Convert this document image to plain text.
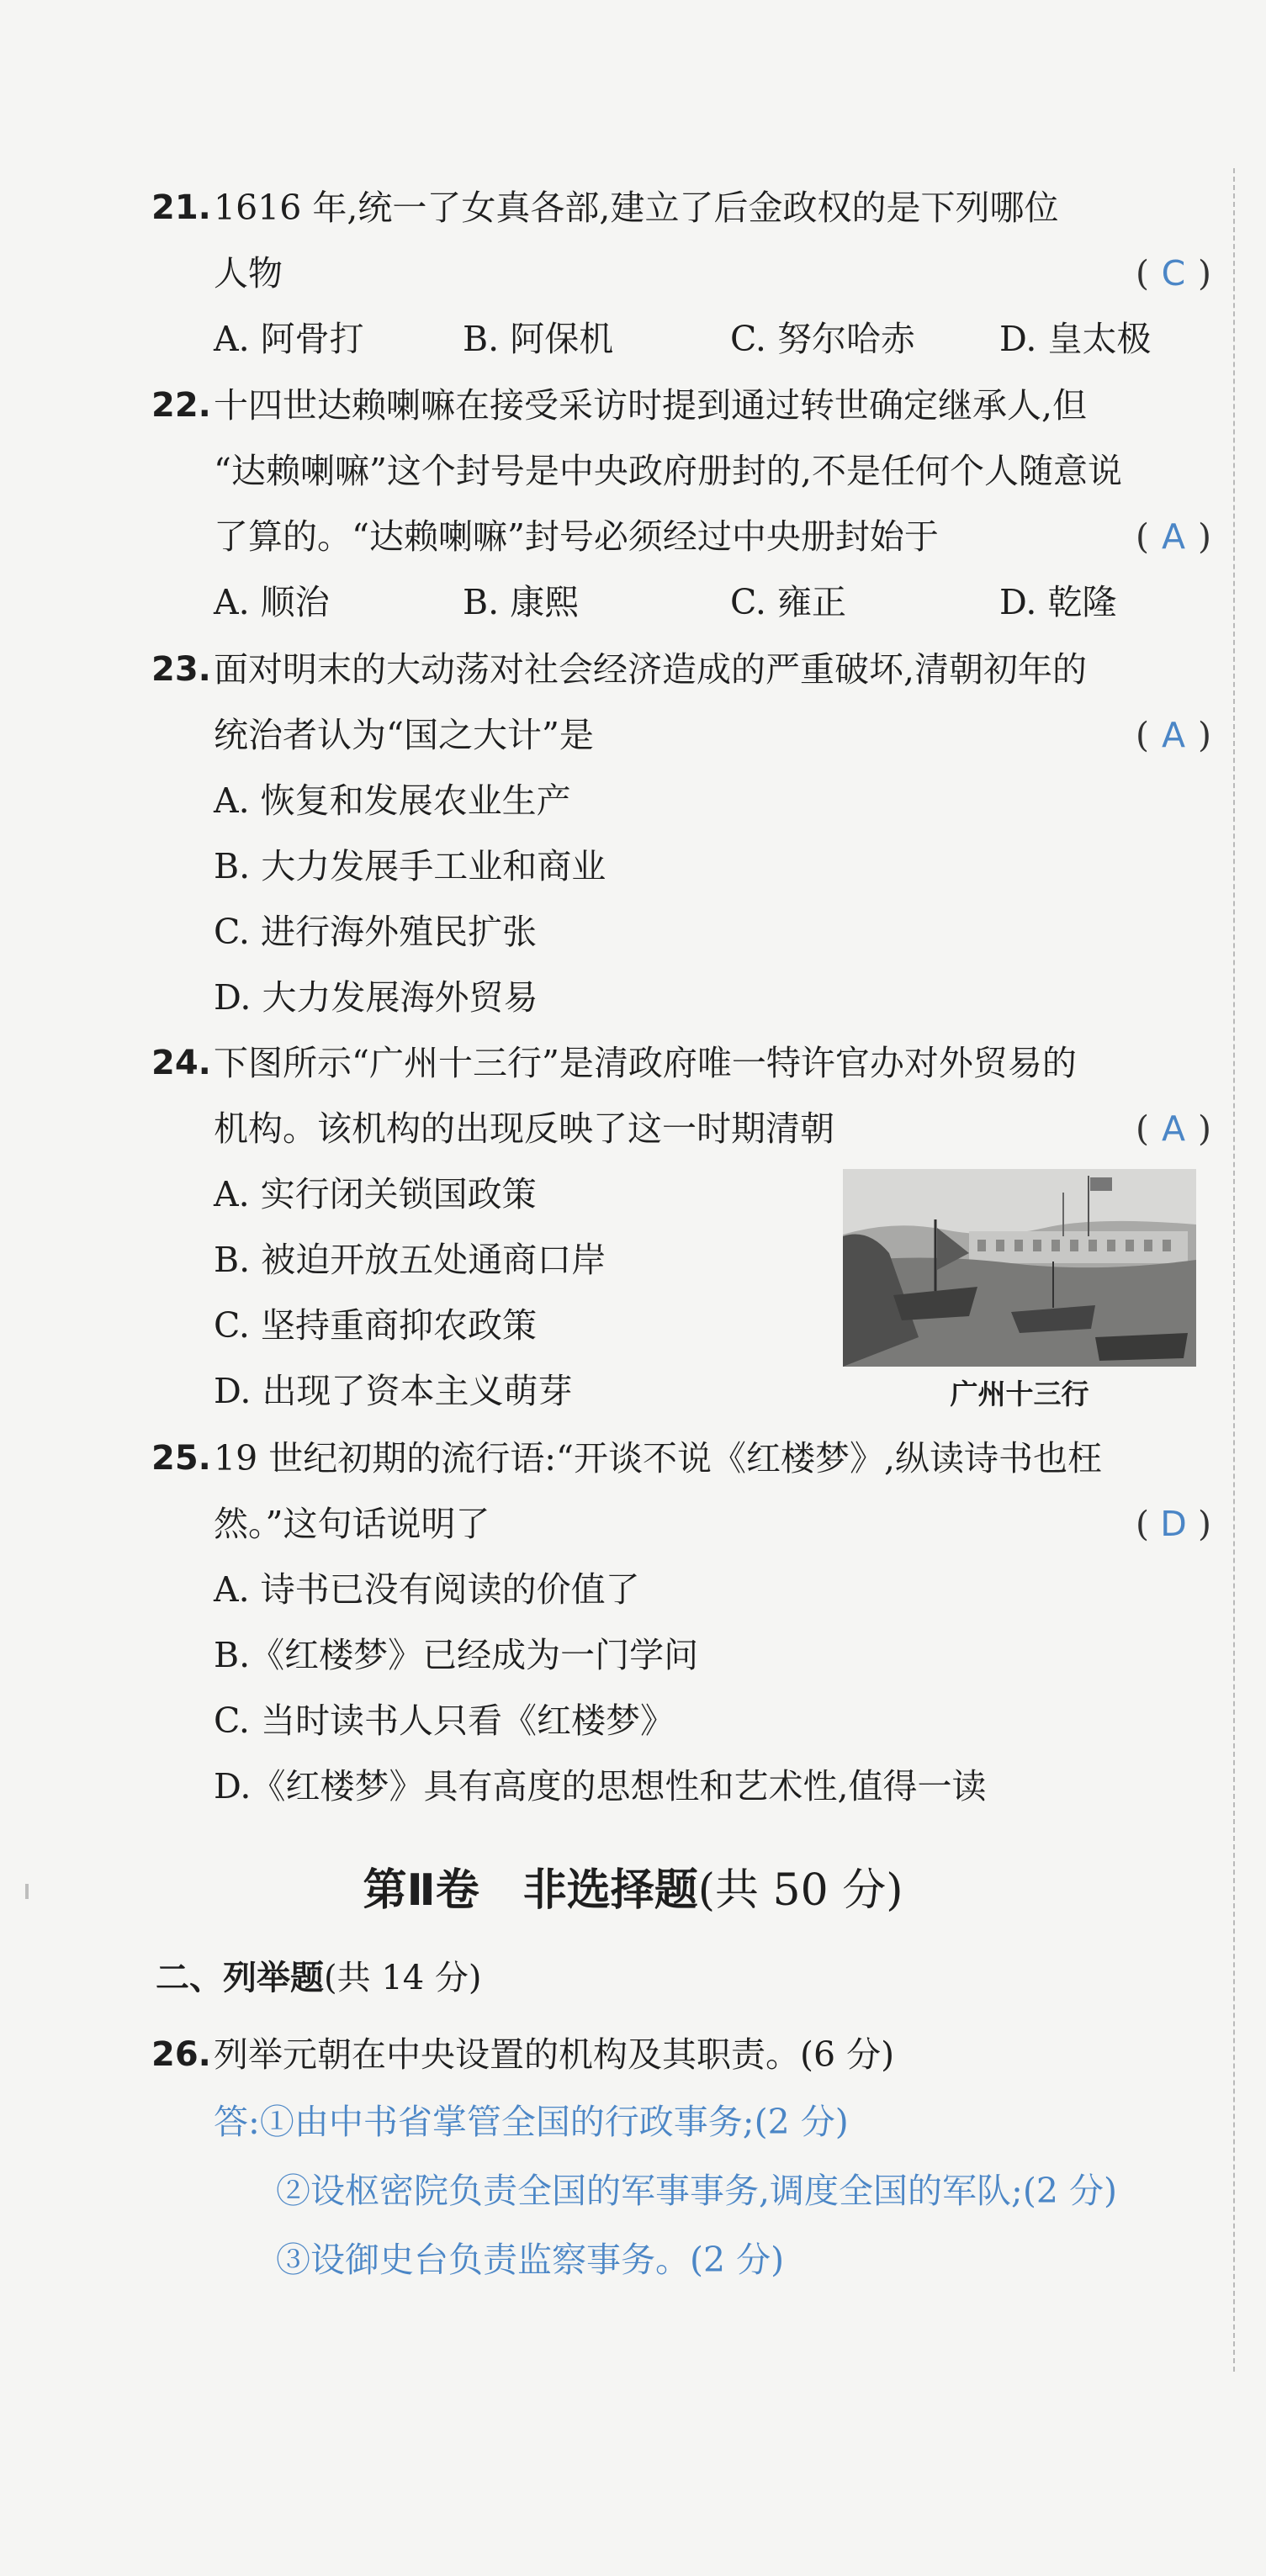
21. 1616 年,统一了女真各部,建立了后金政权的是下列哪位
人物	( C )
A. 阿骨打	B. 阿保机	C. 努尔哈赤 D. 皇太极
22. 十四世达赖喇嘛在接受采访时提到通过转世确定继承人,但
“达赖喇嘛”这个封号是中央政府册封的,不是任何个人随意说
了算的。“达赖喇嘛”封号必须经过中央册封始于	( A )
A. 顺治	B. 康熙	C. 雍正	D. 乾隆
23. 面对明末的大动荡对社会经济造成的严重破坏,清朝初年的
统治者认为“国之大计”是	( A )
A. 恢复和发展农业生产
B. 大力发展手工业和商业
C. 进行海外殖民扩张
D. 大力发展海外贸易
24. 下图所示“广州十三行”是清政府唯一特许官办对外贸易的
机构。该机构的出现反映了这一时期清朝	( A )
A. 实行闭关锁国政策
B. 被迫开放五处通商口岸
C. 坚持重商抑农政策
D. 出现了资本主义萌芽	广州十三行
25. 19 世纪初期的流行语:“开谈不说《红楼梦》,纵读诗书也枉
然。”这句话说明了	( D )
A. 诗书已没有阅读的价值了
B.《红楼梦》已经成为一门学问
C. 当时读书人只看《红楼梦》
D.《红楼梦》具有高度的思想性和艺术性,值得一读
第Ⅱ卷　非选择题(共 50 分)
二、列举题(共 14 分)
26. 列举元朝在中央设置的机构及其职责。(6 分)
答:①由中书省掌管全国的行政事务;(2 分)
②设枢密院负责全国的军事事务,调度全国的军队;(2 分)
③设御史台负责监察事务。(2 分)
